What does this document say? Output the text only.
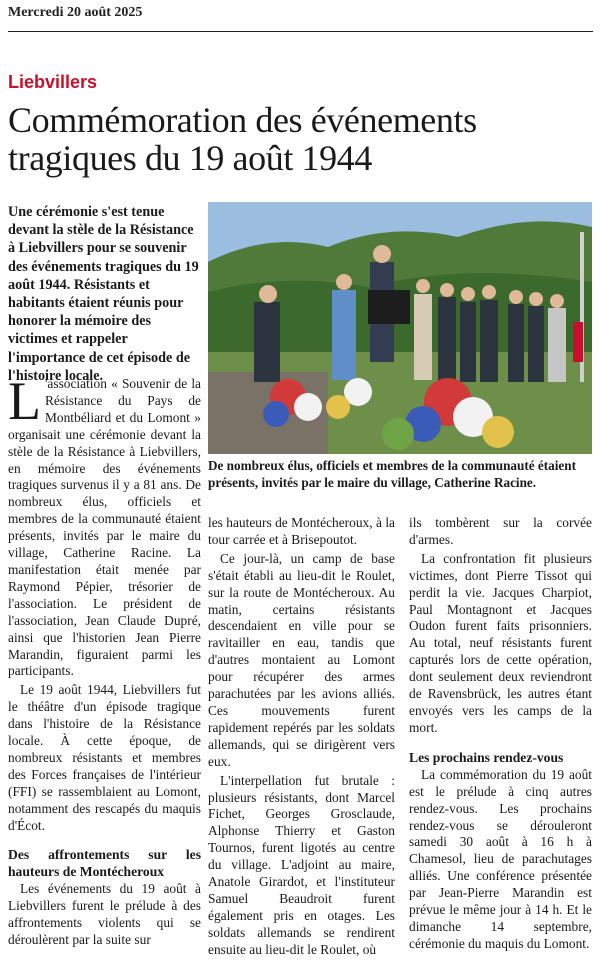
Mercredi 20 août 2025
Liebvillers
Commémoration des événements tragiques du 19 août 1944

Une cérémonie s'est tenue devant la stèle de la Résistance à Liebvillers pour se souvenir des événements tragiques du 19 août 1944. Résistants et habitants étaient réunis pour honorer la mémoire des victimes et rappeler l'importance de cet épisode de l'histoire locale.

De nombreux élus, officiels et membres de la communauté étaient présents, invités par le maire du village, Catherine Racine.

L 'association « Souvenir de la Résistance du Pays de Montbéliard et du Lomont » organisait une cérémonie devant la stèle de la Résistance à Liebvillers, en mémoire des événements tragiques survenus il y a 81 ans. De nombreux élus, officiels et membres de la communauté étaient présents, invités par le maire du village, Catherine Racine. La manifestation était menée par Raymond Pépier, trésorier de l'association. Le président de l'association, Jean Claude Dupré, ainsi que l'historien Jean Pierre Marandin, figuraient parmi les participants.

Le 19 août 1944, Liebvillers fut le théâtre d'un épisode tragique dans l'histoire de la Résistance locale. À cette époque, de nombreux résistants et membres des Forces françaises de l'intérieur (FFI) se rassemblaient au Lomont, notamment des rescapés du maquis d'Écot.

Des affrontements sur les hauteurs de Montécheroux

Les événements du 19 août à Liebvillers furent le prélude à des affrontements violents qui se déroulèrent par la suite sur

les hauteurs de Montécheroux, à la tour carrée et à Brisepoutot.

Ce jour-là, un camp de base s'était établi au lieu-dit le Roulet, sur la route de Montécheroux. Au matin, certains résistants descendaient en ville pour se ravitailler en eau, tandis que d'autres montaient au Lomont pour récupérer des armes parachutées par les avions alliés. Ces mouvements furent rapidement repérés par les soldats allemands, qui se dirigèrent vers eux.

L'interpellation fut brutale : plusieurs résistants, dont Marcel Fichet, Georges Grosclaude, Alphonse Thierry et Gaston Tournos, furent ligotés au centre du village. L'adjoint au maire, Anatole Girardot, et l'instituteur Samuel Beaudroit furent également pris en otages. Les soldats allemands se rendirent ensuite au lieu-dit le Roulet, où

ils tombèrent sur la corvée d'armes.

La confrontation fit plusieurs victimes, dont Pierre Tissot qui perdit la vie. Jacques Charpiot, Paul Montagnont et Jacques Oudon furent faits prisonniers. Au total, neuf résistants furent capturés lors de cette opération, dont seulement deux reviendront de Ravensbrück, les autres étant envoyés vers les camps de la mort.

Les prochains rendez-vous

La commémoration du 19 août est le prélude à cinq autres rendez-vous. Les prochains rendez-vous se dérouleront samedi 30 août à 16 h à Chamesol, lieu de parachutages alliés. Une conférence présentée par Jean-Pierre Marandin est prévue le même jour à 14 h. Et le dimanche 14 septembre, cérémonie du maquis du Lomont.
